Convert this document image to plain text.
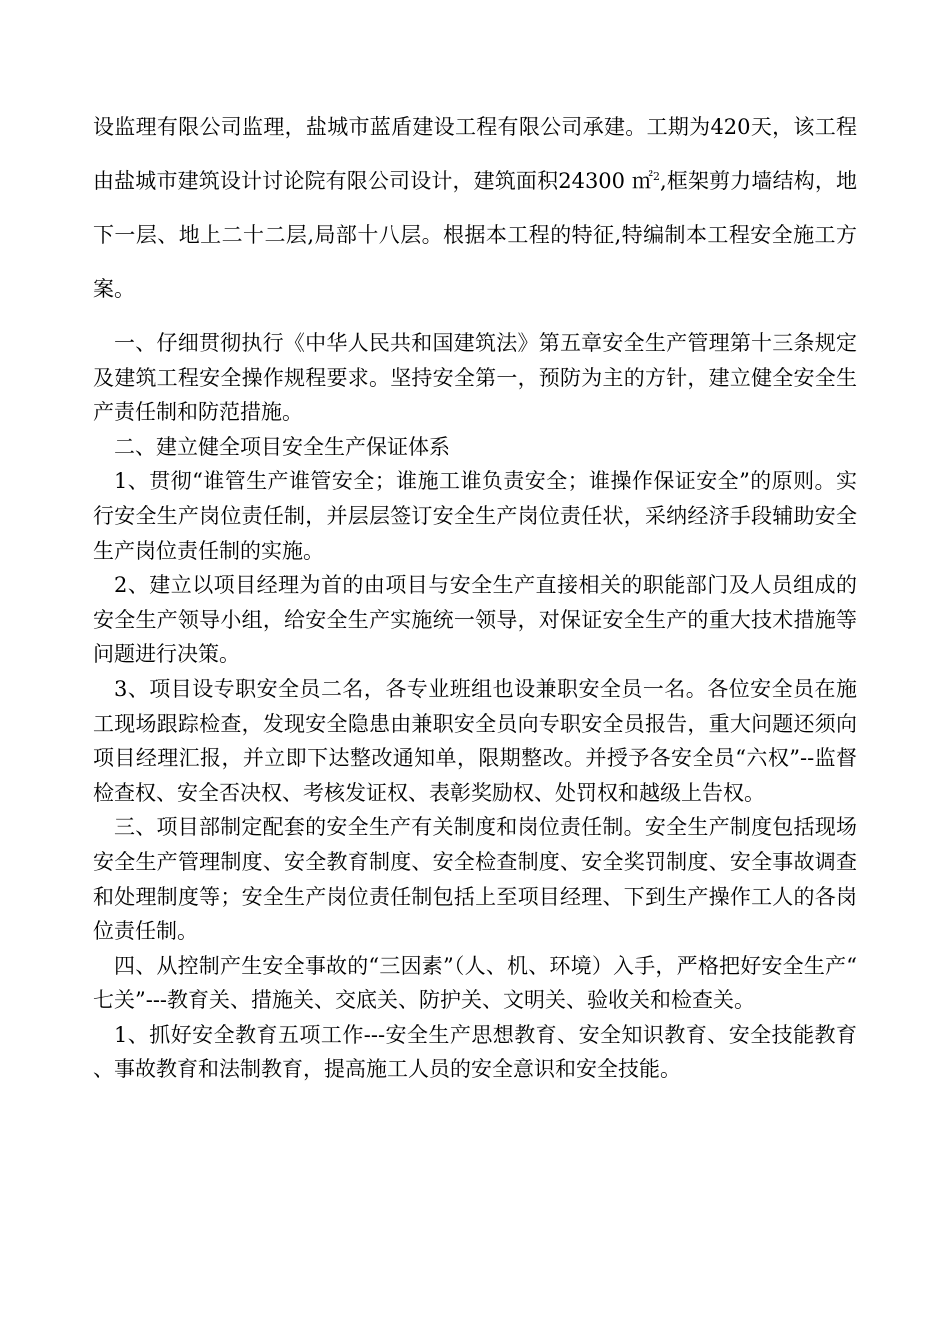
设监理有限公司监理，盐城市蓝盾建设工程有限公司承建。工期为420天，该工程由盐城市建筑设计讨论院有限公司设计，建筑面积24300 ㎡$^2$,框架剪力墙结构，地下一层、地上二十二层,局部十八层。根据本工程的特征,特编制本工程安全施工方案。

一、仔细贯彻执行《中华人民共和国建筑法》第五章安全生产管理第十三条规定及建筑工程安全操作规程要求。坚持安全第一，预防为主的方针，建立健全安全生产责任制和防范措施。

二、建立健全项目安全生产保证体系

1、贯彻“谁管生产谁管安全；谁施工谁负责安全；谁操作保证安全”的原则。实行安全生产岗位责任制，并层层签订安全生产岗位责任状，采纳经济手段辅助安全生产岗位责任制的实施。

2、建立以项目经理为首的由项目与安全生产直接相关的职能部门及人员组成的安全生产领导小组，给安全生产实施统一领导，对保证安全生产的重大技术措施等问题进行决策。

3、项目设专职安全员二名，各专业班组也设兼职安全员一名。各位安全员在施工现场跟踪检查，发现安全隐患由兼职安全员向专职安全员报告，重大问题还须向项目经理汇报，并立即下达整改通知单，限期整改。并授予各安全员“六权”--监督检查权、安全否决权、考核发证权、表彰奖励权、处罚权和越级上告权。

三、项目部制定配套的安全生产有关制度和岗位责任制。安全生产制度包括现场安全生产管理制度、安全教育制度、安全检查制度、安全奖罚制度、安全事故调查和处理制度等；安全生产岗位责任制包括上至项目经理、下到生产操作工人的各岗位责任制。

四、从控制产生安全事故的“三因素”（人、机、环境）入手，严格把好安全生产“七关”---教育关、措施关、交底关、防护关、文明关、验收关和检查关。

1、抓好安全教育五项工作---安全生产思想教育、安全知识教育、安全技能教育、事故教育和法制教育，提高施工人员的安全意识和安全技能。
